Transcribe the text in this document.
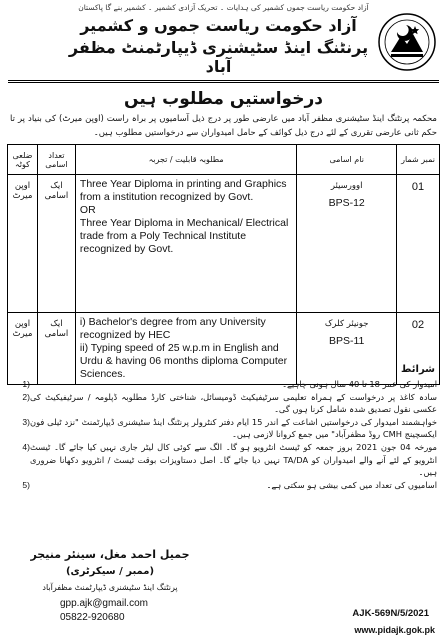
آزاد حکومت ریاست جموں کشمیر کی ہدایات ۔ تحریک آزادی کشمیر ۔ کشمیر بنے گا پاکستان
آزاد حکومت ریاست جموں و کشمیر
پرنٹنگ اینڈ سٹیشنری ڈیپارٹمنٹ مظفر آباد
درخواستیں مطلوب ہیں
محکمہ پرنٹنگ اینڈ سٹیشنری مظفر آباد میں عارضی طور پر درج ذیل آسامیوں پر براہ راست (اوپن میرٹ) کی بنیاد پر تا حکم ثانی عارضی تقرری کے لئے درج ذیل کوائف کے حامل امیدواران سے درخواستیں مطلوب ہیں۔
ضلعی کوٹہ	تعداد اسامی	مطلوبہ قابلیت / تجربہ	نام اسامی	نمبر شمار
اوپن میرٹ	ایک اسامی	Three Year Diploma in printing and Graphics from a institution recognized by Govt.
OR
Three Year Diploma in Mechanical/ Electrical trade from a Poly Technical Institute recognized by Govt.	اوورسیئر
BPS-12	01
اوپن میرٹ	ایک اسامی	i) Bachelor's degree from any University recognized by HEC
ii) Typing speed of 25 w.p.m in English and Urdu & having 06 months diploma Computer Sciences.	جونیئر کلرک
BPS-11	02
شرائط
(1	امیدوار کی عمر 18 تا 40 سال ہونی چاہیے۔
(2 سادہ کاغذ پر درخواست کے ہمراہ تعلیمی سرٹیفیکیٹ ڈومیسائل، شناختی کارڈ مطلوبہ ڈپلومہ / سرٹیفیکیٹ کی عکسی نقول تصدیق شدہ شامل کرنا ہوں گی۔
(3 خواہشمند امیدوار کی درخواستیں اشاعت کے اندر 15 ایام دفتر کنٹرولر پرنٹنگ اینڈ سٹیشنری ڈیپارٹمنٹ "نزد ٹیلی فون ایکسچینج CMH روڈ مظفرآباد" میں جمع کروانا لازمی ہیں۔
(4 مورخہ 04 جون 2021 بروز جمعہ کو ٹیسٹ انٹرویو ہو گا۔ الگ سے کوئی کال لیٹر جاری نہیں کیا جائے گا۔ ٹیسٹ انٹرویو کے لئے آنے والے امیدواران کو TA/DA نہیں دیا جائے گا۔ اصل دستاویزات بوقت ٹیسٹ / انٹرویو دکھانا ضروری ہیں۔
(5	اسامیوں کی تعداد میں کمی بیشی ہو سکتی ہے۔
جمیل احمد مغل، سینئر منیجر
(ممبر / سیکرٹری)
پرنٹنگ اینڈ سٹیشنری ڈیپارٹمنٹ مظفرآباد
gpp.ajk@gmail.com
05822-920680	AJK-569N/5/2021
www.pidajk.gok.pk
